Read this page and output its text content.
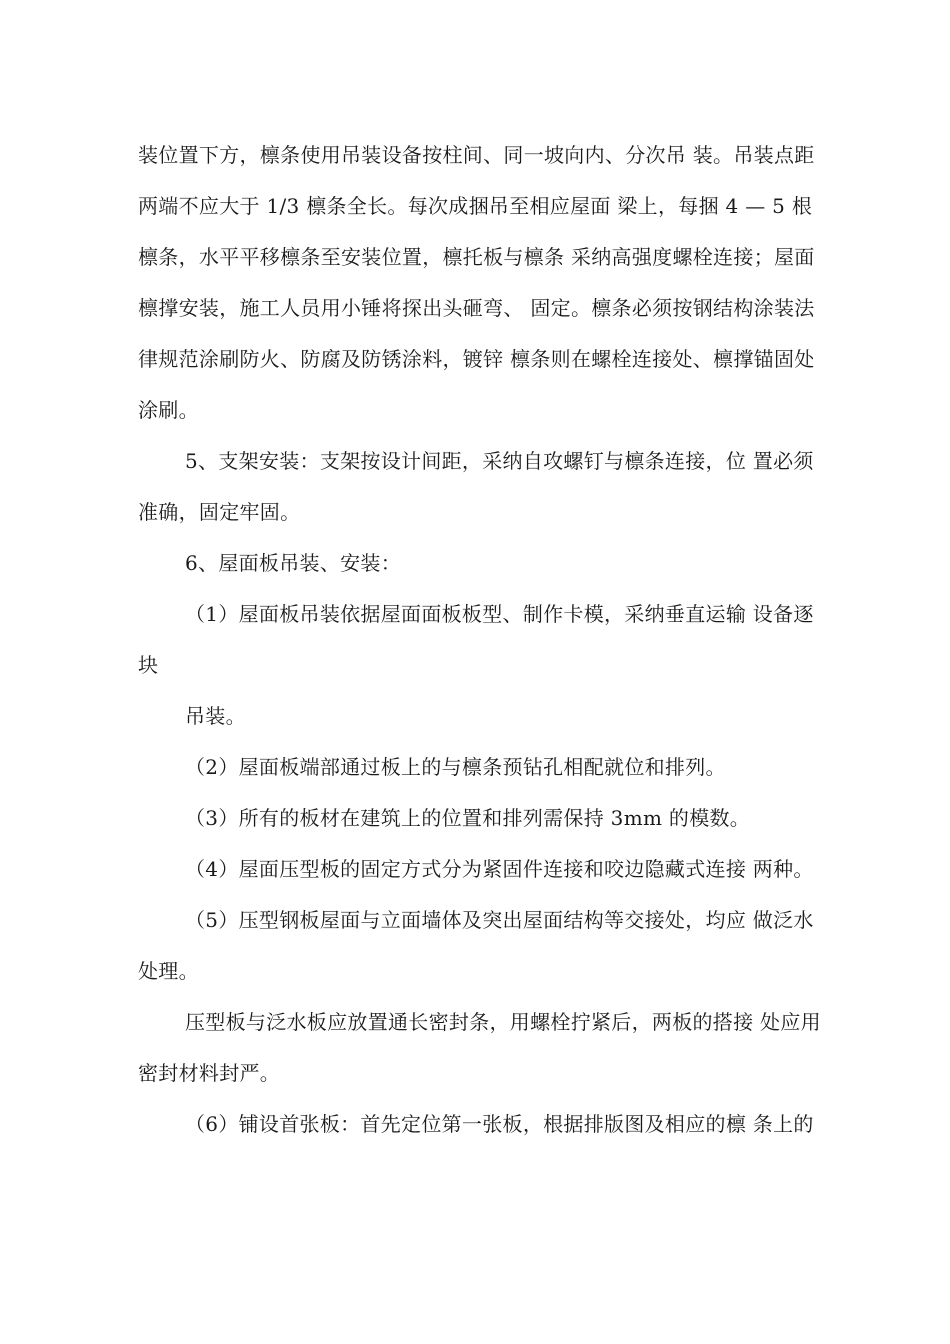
装位置下方，檩条使用吊装设备按柱间、同一坡向内、分次吊 装。吊装点距
两端不应大于 1/3 檩条全长。每次成捆吊至相应屋面 梁上，每捆 4 — 5 根
檩条，水平平移檩条至安装位置，檩托板与檩条 采纳高强度螺栓连接；屋面
檩撑安装，施工人员用小锤将探出头砸弯、 固定。檩条必须按钢结构涂装法
律规范涂刷防火、防腐及防锈涂料，镀锌 檩条则在螺栓连接处、檩撑锚固处
涂刷。
5、支架安装：支架按设计间距，采纳自攻螺钉与檩条连接，位 置必须
准确，固定牢固。
6、屋面板吊装、安装：
（1）屋面板吊装依据屋面面板板型、制作卡模，采纳垂直运输 设备逐
块
吊装。
（2）屋面板端部通过板上的与檩条预钻孔相配就位和排列。
（3）所有的板材在建筑上的位置和排列需保持 3mm 的模数。
（4）屋面压型板的固定方式分为紧固件连接和咬边隐藏式连接 两种。
（5）压型钢板屋面与立面墙体及突出屋面结构等交接处，均应 做泛水
处理。
压型板与泛水板应放置通长密封条，用螺栓拧紧后，两板的搭接 处应用
密封材料封严。
（6）铺设首张板：首先定位第一张板，根据排版图及相应的檩 条上的
